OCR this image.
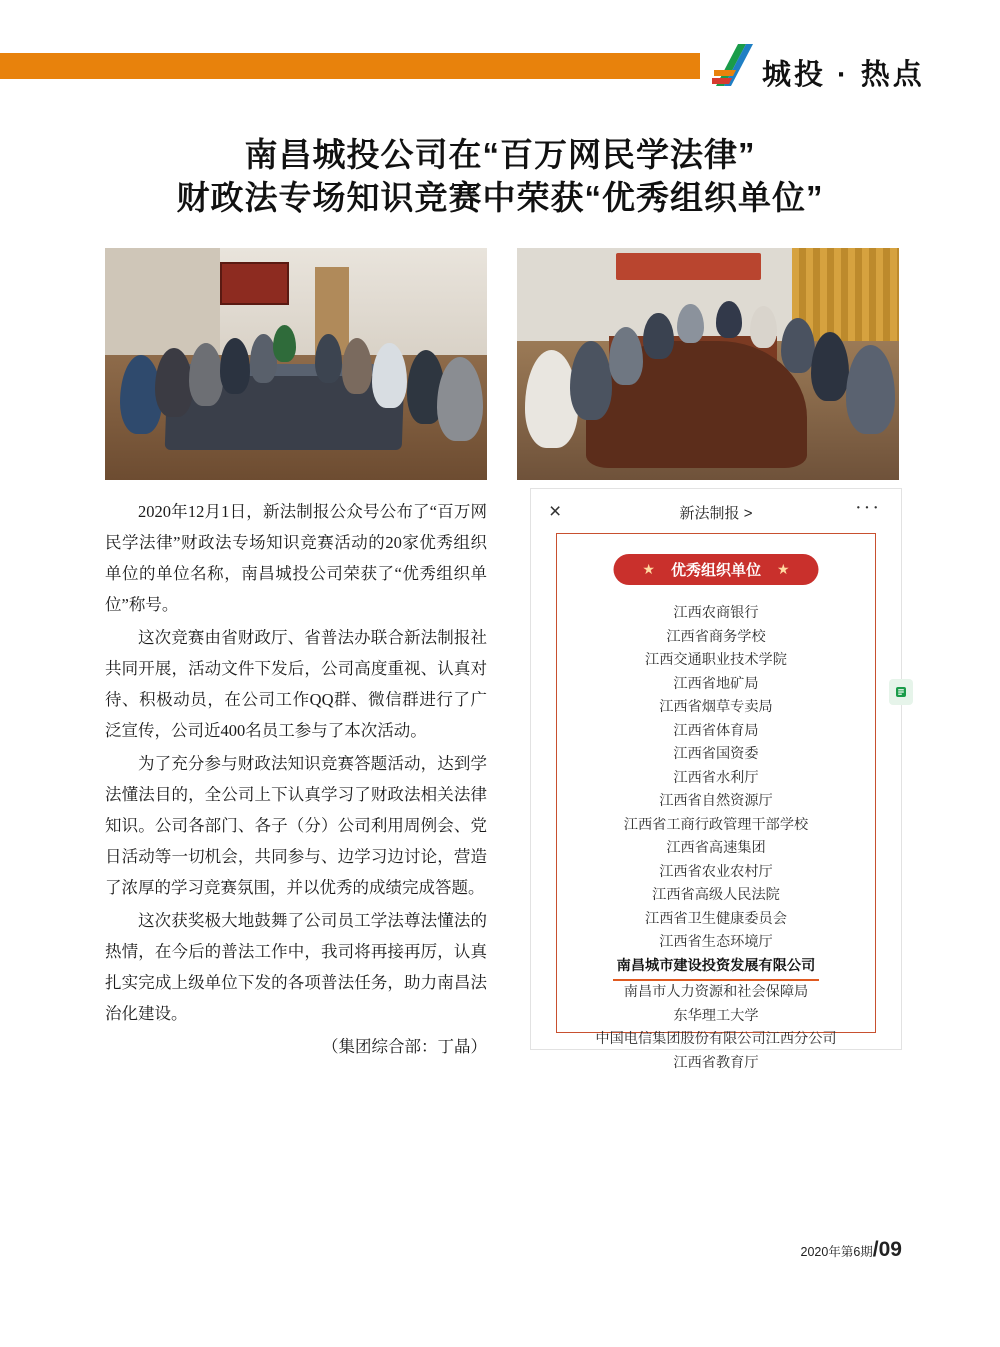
城投 · 热点
南昌城投公司在“百万网民学法律”
财政法专场知识竞赛中荣获“优秀组织单位”

2020年12月1日，新法制报公众号公布了“百万网民学法律”财政法专场知识竞赛活动的20家优秀组织单位的单位名称，南昌城投公司荣获了“优秀组织单位”称号。

这次竞赛由省财政厅、省普法办联合新法制报社共同开展，活动文件下发后，公司高度重视、认真对待、积极动员，在公司工作QQ群、微信群进行了广泛宣传，公司近400名员工参与了本次活动。

为了充分参与财政法知识竞赛答题活动，达到学法懂法目的，全公司上下认真学习了财政法相关法律知识。公司各部门、各子（分）公司利用周例会、党日活动等一切机会，共同参与、边学习边讨论，营造了浓厚的学习竞赛氛围，并以优秀的成绩完成答题。

这次获奖极大地鼓舞了公司员工学法尊法懂法的热情，在今后的普法工作中，我司将再接再厉，认真扎实完成上级单位下发的各项普法任务，助力南昌法治化建设。

（集团综合部：丁晶）

×	新法制报 >	···
★ 优秀组织单位 ★
江西农商银行
江西省商务学校
江西交通职业技术学院
江西省地矿局
江西省烟草专卖局
江西省体育局
江西省国资委
江西省水利厅
江西省自然资源厅
江西省工商行政管理干部学校
江西省高速集团
江西省农业农村厅
江西省高级人民法院
江西省卫生健康委员会
江西省生态环境厅
南昌城市建设投资发展有限公司
南昌市人力资源和社会保障局
东华理工大学
中国电信集团股份有限公司江西分公司
江西省教育厅
2020年第6期/09
